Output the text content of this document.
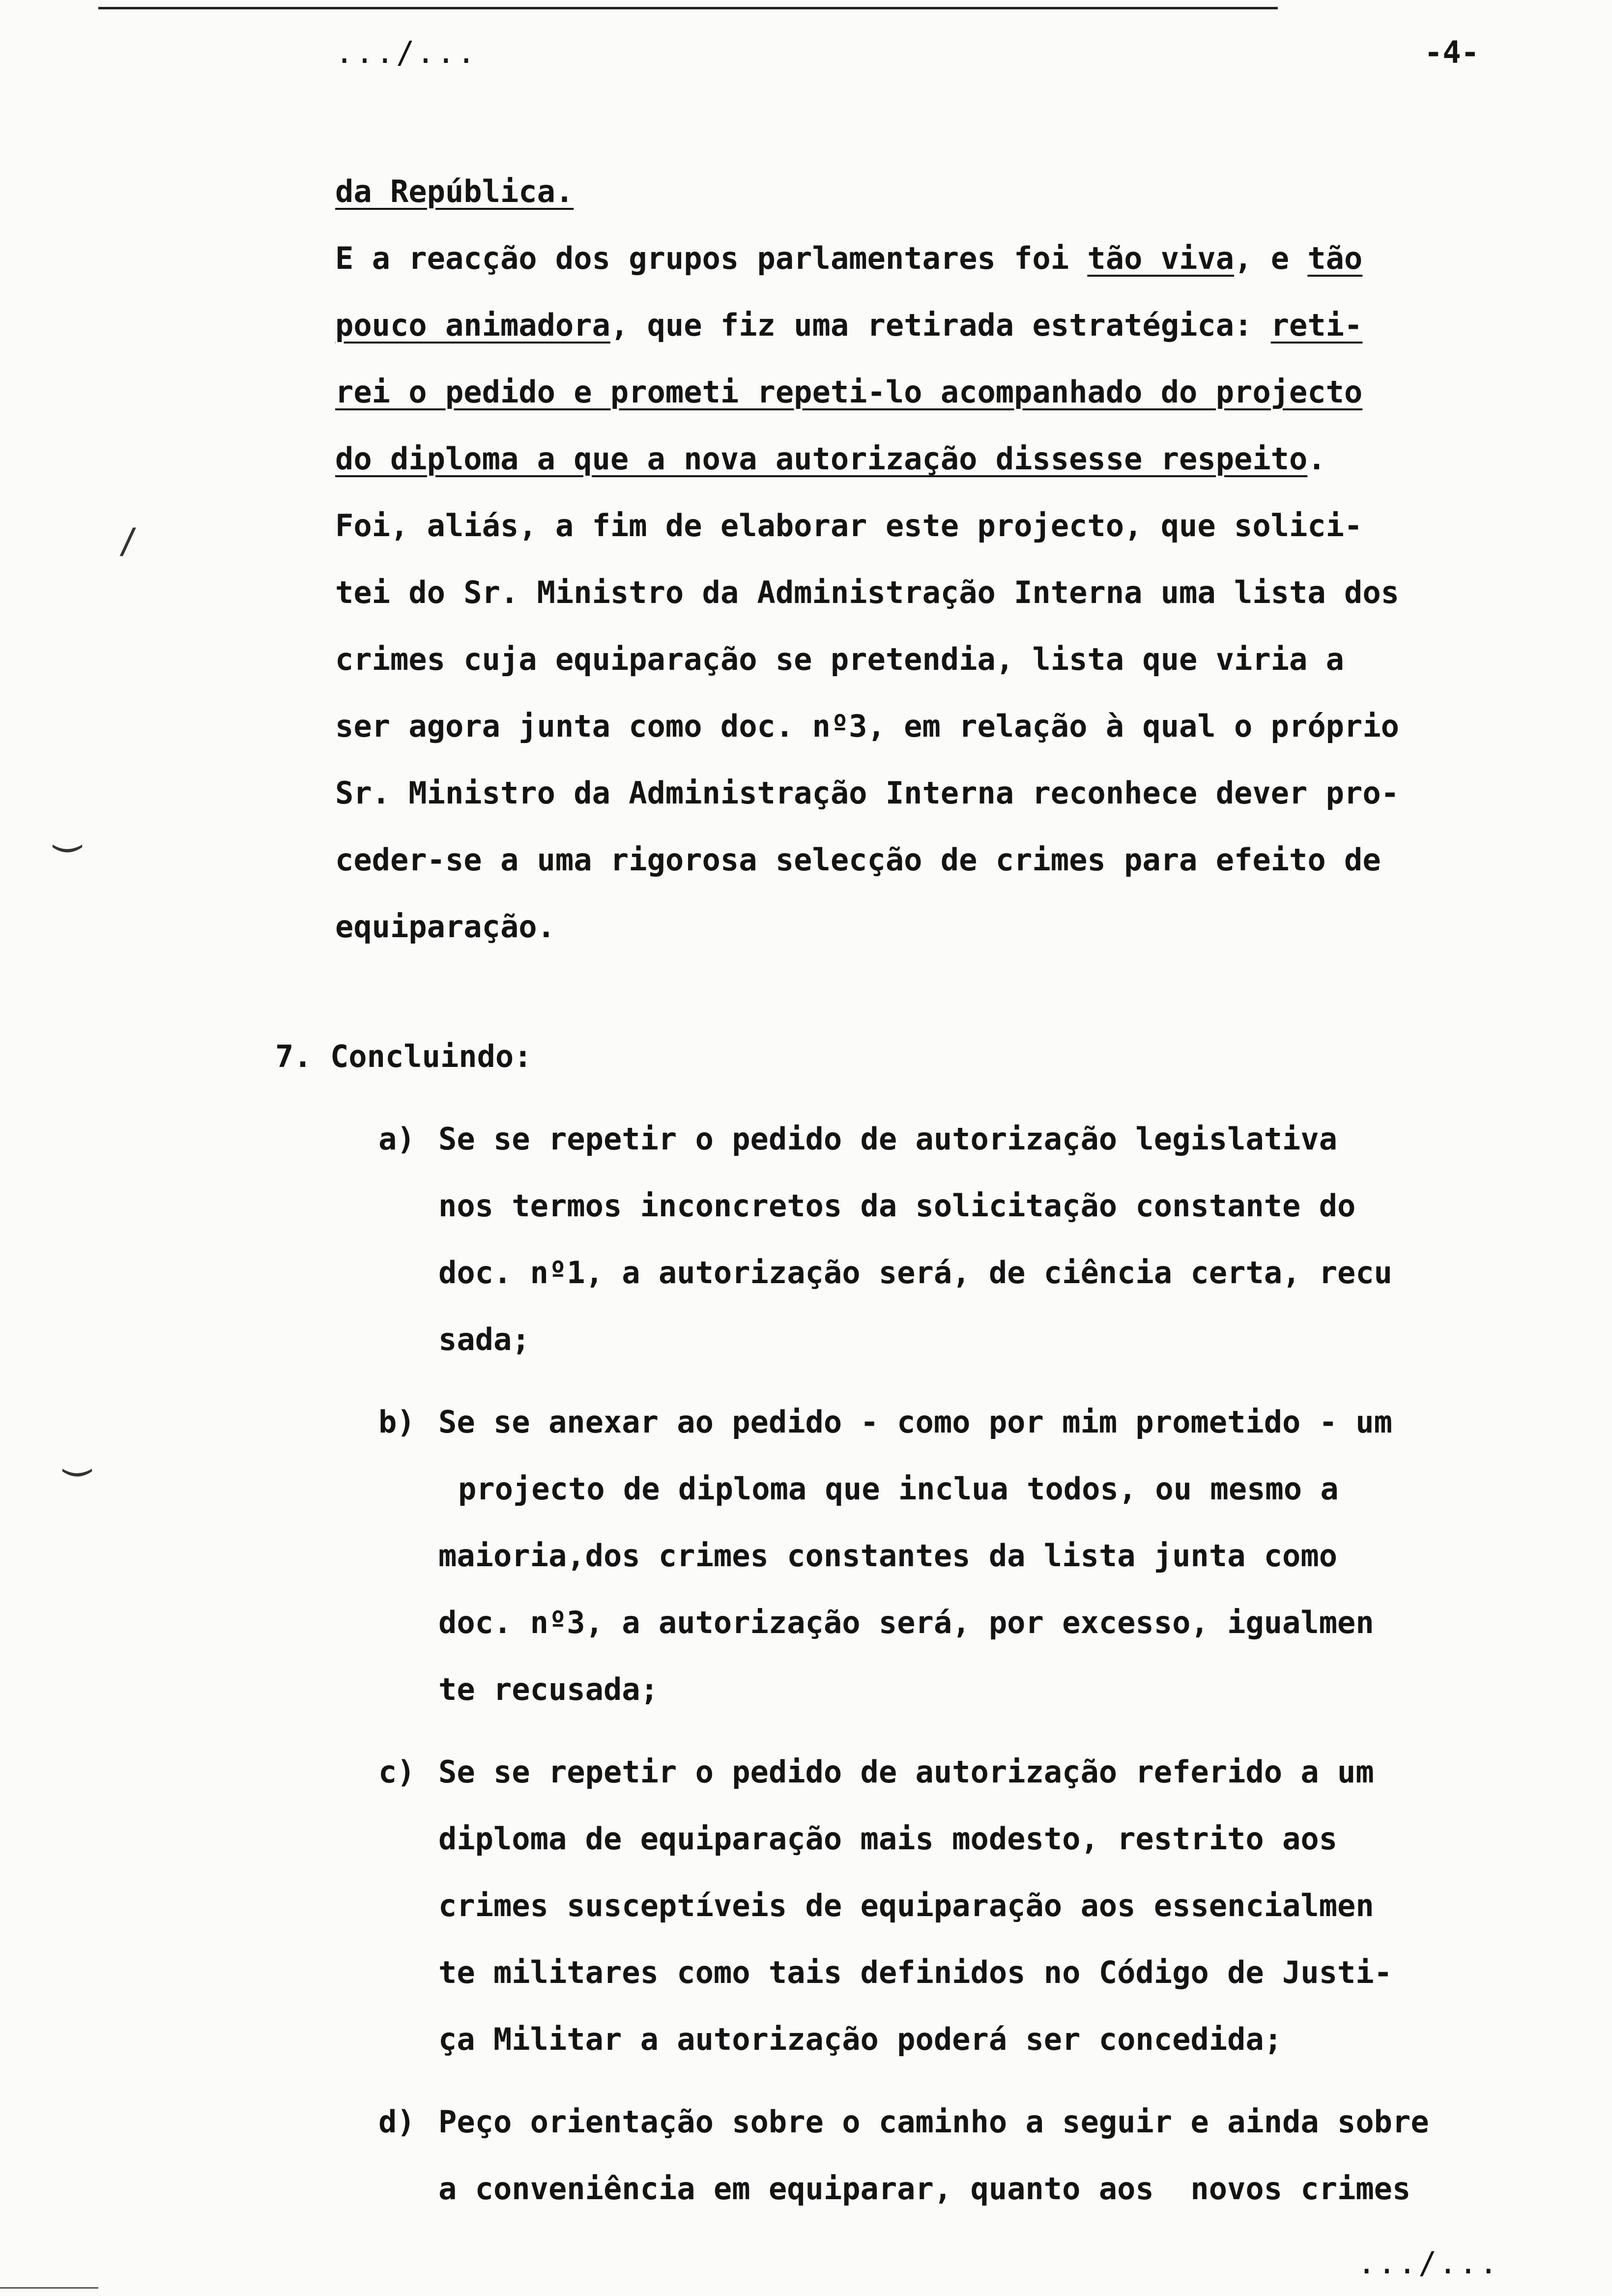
.../...	-4-
/
‿
‿
da República.
E a reacção dos grupos parlamentares foi tão viva, e tão
pouco animadora, que fiz uma retirada estratégica: reti-
rei o pedido e prometi repeti-lo acompanhado do projecto
do diploma a que a nova autorização dissesse respeito.
Foi, aliás, a fim de elaborar este projecto, que solici-
tei do Sr. Ministro da Administração Interna uma lista dos
crimes cuja equiparação se pretendia, lista que viria a
ser agora junta como doc. nº3, em relação à qual o próprio
Sr. Ministro da Administração Interna reconhece dever pro-
ceder-se a uma rigorosa selecção de crimes para efeito de
equiparação.
7. Concluindo:
a) Se se repetir o pedido de autorização legislativa
nos termos inconcretos da solicitação constante do
doc. nº1, a autorização será, de ciência certa, recu
sada;
b) Se se anexar ao pedido - como por mim prometido - um
projecto de diploma que inclua todos, ou mesmo a
maioria,dos crimes constantes da lista junta como
doc. nº3, a autorização será, por excesso, igualmen
te recusada;
c) Se se repetir o pedido de autorização referido a um
diploma de equiparação mais modesto, restrito aos
crimes susceptíveis de equiparação aos essencialmen
te militares como tais definidos no Código de Justi-
ça Militar a autorização poderá ser concedida;
d) Peço orientação sobre o caminho a seguir e ainda sobre
a conveniência em equiparar, quanto aos  novos crimes
.../...
